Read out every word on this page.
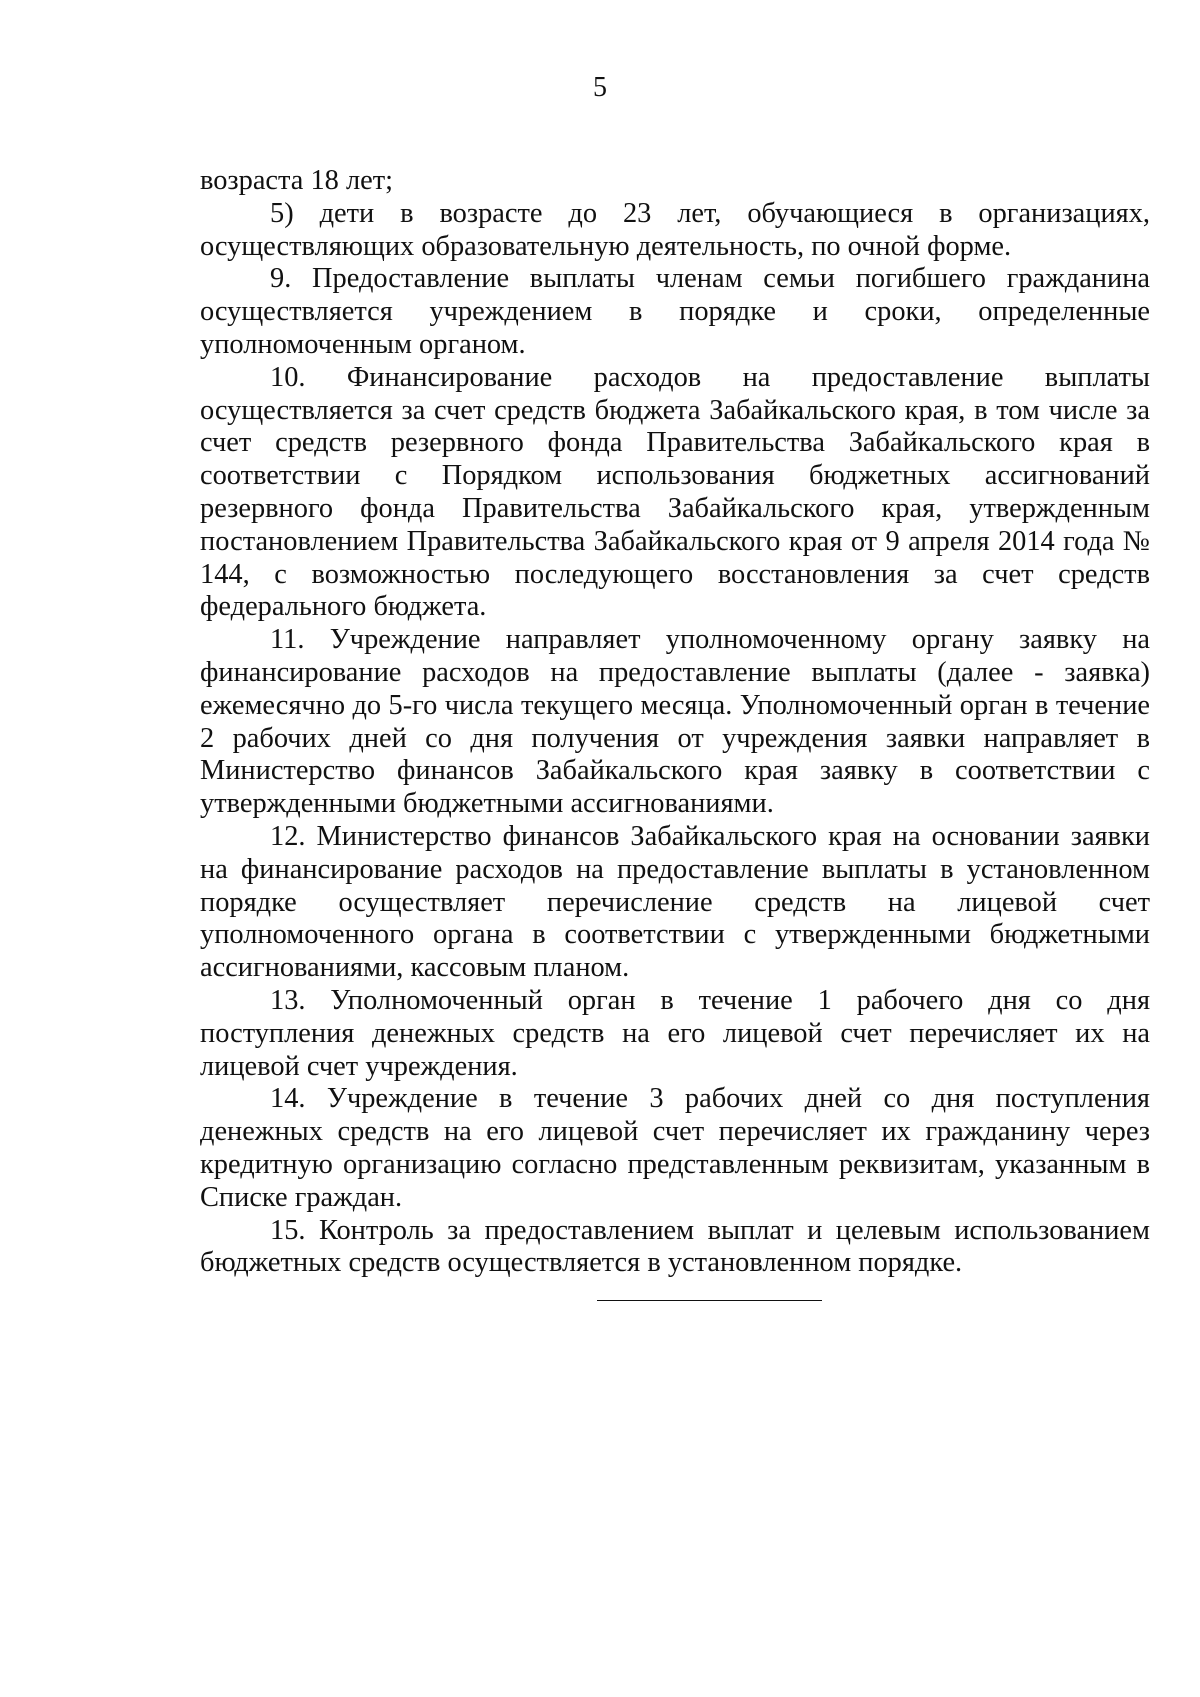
5

возраста 18 лет;

5) дети в возрасте до 23 лет, обучающиеся в организациях, осуществляющих образовательную деятельность, по очной форме.

9. Предоставление выплаты членам семьи погибшего гражданина осуществляется учреждением в порядке и сроки, определенные уполномоченным органом.

10. Финансирование расходов на предоставление выплаты осуществляется за счет средств бюджета Забайкальского края, в том числе за счет средств резервного фонда Правительства Забайкальского края в соответствии с Порядком использования бюджетных ассигнований резервного фонда Правительства Забайкальского края, утвержденным постановлением Правительства Забайкальского края от 9 апреля 2014 года № 144, с возможностью последующего восстановления за счет средств федерального бюджета.

11. Учреждение направляет уполномоченному органу заявку на финансирование расходов на предоставление выплаты (далее - заявка) ежемесячно до 5-го числа текущего месяца. Уполномоченный орган в течение 2 рабочих дней со дня получения от учреждения заявки направляет в Министерство финансов Забайкальского края заявку в соответствии с утвержденными бюджетными ассигнованиями.

12. Министерство финансов Забайкальского края на основании заявки на финансирование расходов на предоставление выплаты в установленном порядке осуществляет перечисление средств на лицевой счет уполномоченного органа в соответствии с утвержденными бюджетными ассигнованиями, кассовым планом.

13. Уполномоченный орган в течение 1 рабочего дня со дня поступления денежных средств на его лицевой счет перечисляет их на лицевой счет учреждения.

14. Учреждение в течение 3 рабочих дней со дня поступления денежных средств на его лицевой счет перечисляет их гражданину через кредитную организацию согласно представленным реквизитам, указанным в Списке граждан.

15. Контроль за предоставлением выплат и целевым использованием бюджетных средств осуществляется в установленном порядке.
